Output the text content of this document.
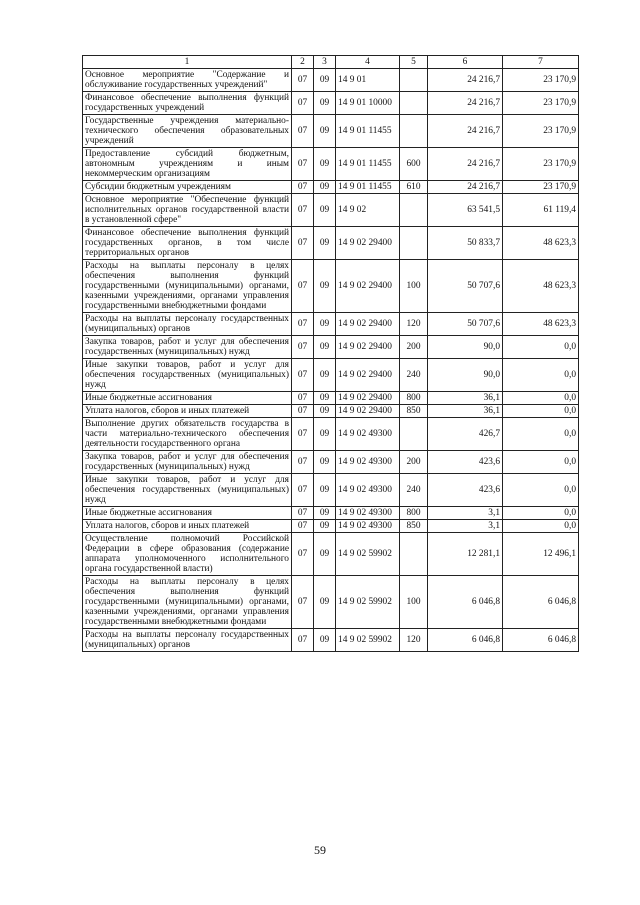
1	2	3	4	5	6	7
Основное мероприятие "Содержание и обслуживание государственных учреждений"	07	09	14 9 01		24 216,7	23 170,9
Финансовое обеспечение выполнения функций государственных учреждений	07	09	14 9 01 10000		24 216,7	23 170,9
Государственные учреждения материально-технического обеспечения образовательных учреждений	07	09	14 9 01 11455		24 216,7	23 170,9
Предоставление субсидий бюджетным, автономным учреждениям и иным некоммерческим организациям	07	09	14 9 01 11455	600	24 216,7	23 170,9
Субсидии бюджетным учреждениям	07	09	14 9 01 11455	610	24 216,7	23 170,9
Основное мероприятие "Обеспечение функций исполнительных органов государственной власти в установленной сфере"	07	09	14 9 02		63 541,5	61 119,4
Финансовое обеспечение выполнения функций государственных органов, в том числе территориальных органов	07	09	14 9 02 29400		50 833,7	48 623,3
Расходы на выплаты персоналу в целях обеспечения выполнения функций государственными (муниципальными) органами, казенными учреждениями, органами управления государственными внебюджетными фондами	07	09	14 9 02 29400	100	50 707,6	48 623,3
Расходы на выплаты персоналу государственных (муниципальных) органов	07	09	14 9 02 29400	120	50 707,6	48 623,3
Закупка товаров, работ и услуг для обеспечения государственных (муниципальных) нужд	07	09	14 9 02 29400	200	90,0	0,0
Иные закупки товаров, работ и услуг для обеспечения государственных (муниципальных) нужд	07	09	14 9 02 29400	240	90,0	0,0
Иные бюджетные ассигнования	07	09	14 9 02 29400	800	36,1	0,0
Уплата налогов, сборов и иных платежей	07	09	14 9 02 29400	850	36,1	0,0
Выполнение других обязательств государства в части материально-технического обеспечения деятельности государственного органа	07	09	14 9 02 49300		426,7	0,0
Закупка товаров, работ и услуг для обеспечения государственных (муниципальных) нужд	07	09	14 9 02 49300	200	423,6	0,0
Иные закупки товаров, работ и услуг для обеспечения государственных (муниципальных) нужд	07	09	14 9 02 49300	240	423,6	0,0
Иные бюджетные ассигнования	07	09	14 9 02 49300	800	3,1	0,0
Уплата налогов, сборов и иных платежей	07	09	14 9 02 49300	850	3,1	0,0
Осуществление полномочий Российской Федерации в сфере образования (содержание аппарата уполномоченного исполнительного органа государственной власти)	07	09	14 9 02 59902		12 281,1	12 496,1
Расходы на выплаты персоналу в целях обеспечения выполнения функций государственными (муниципальными) органами, казенными учреждениями, органами управления государственными внебюджетными фондами	07	09	14 9 02 59902	100	6 046,8	6 046,8
Расходы на выплаты персоналу государственных (муниципальных) органов	07	09	14 9 02 59902	120	6 046,8	6 046,8
59
